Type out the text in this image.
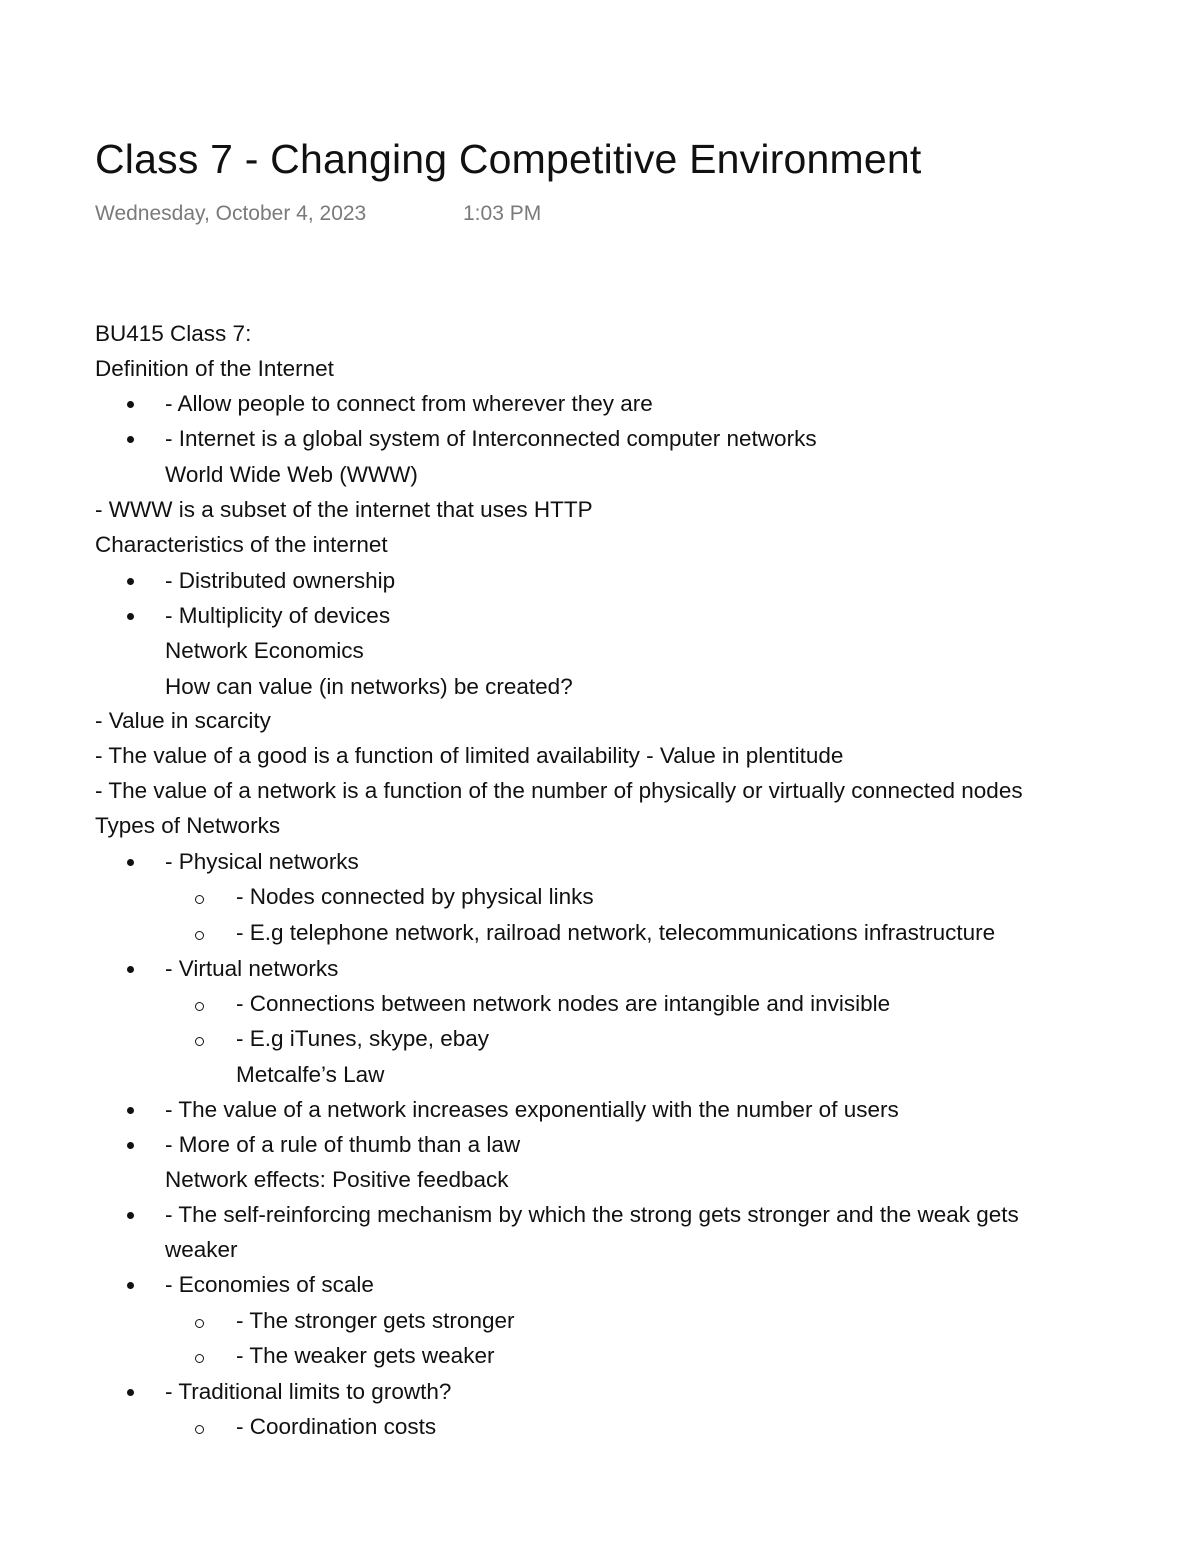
Class 7 - Changing Competitive Environment
Wednesday, October 4, 2023	1:03 PM
BU415 Class 7:
Definition of the Internet
- Allow people to connect from wherever they are
- Internet is a global system of Interconnected computer networks
World Wide Web (WWW)
- WWW is a subset of the internet that uses HTTP
Characteristics of the internet
- Distributed ownership
- Multiplicity of devices
Network Economics
How can value (in networks) be created?
- Value in scarcity
- The value of a good is a function of limited availability - Value in plentitude
- The value of a network is a function of the number of physically or virtually connected nodes
Types of Networks
- Physical networks
- Nodes connected by physical links
- E.g telephone network, railroad network, telecommunications infrastructure
- Virtual networks
- Connections between network nodes are intangible and invisible
- E.g iTunes, skype, ebay
Metcalfe’s Law
- The value of a network increases exponentially with the number of users
- More of a rule of thumb than a law
Network effects: Positive feedback
- The self-reinforcing mechanism by which the strong gets stronger and the weak gets
weaker
- Economies of scale
- The stronger gets stronger
- The weaker gets weaker
- Traditional limits to growth?
- Coordination costs
